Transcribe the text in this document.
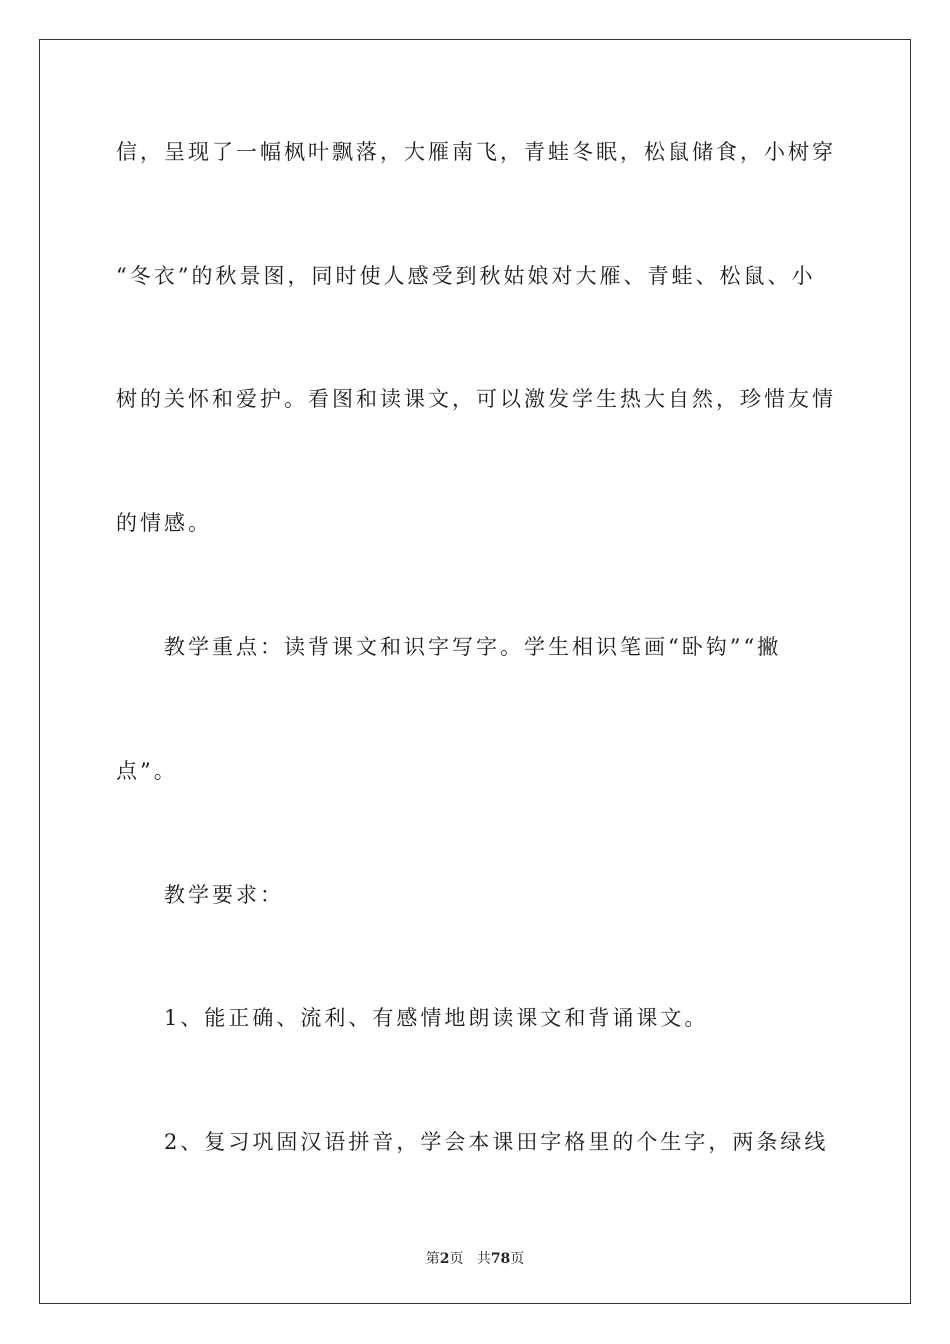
信，呈现了一幅枫叶飘落，大雁南飞，青蛙冬眠，松鼠储食，小树穿
“冬衣”的秋景图，同时使人感受到秋姑娘对大雁、青蛙、松鼠、小
树的关怀和爱护。看图和读课文，可以激发学生热大自然，珍惜友情
的情感。
教学重点：读背课文和识字写字。学生相识笔画“卧钩”“撇
点”。
教学要求：
1、能正确、流利、有感情地朗读课文和背诵课文。
2、复习巩固汉语拼音，学会本课田字格里的个生字，两条绿线
第2页 共78页
